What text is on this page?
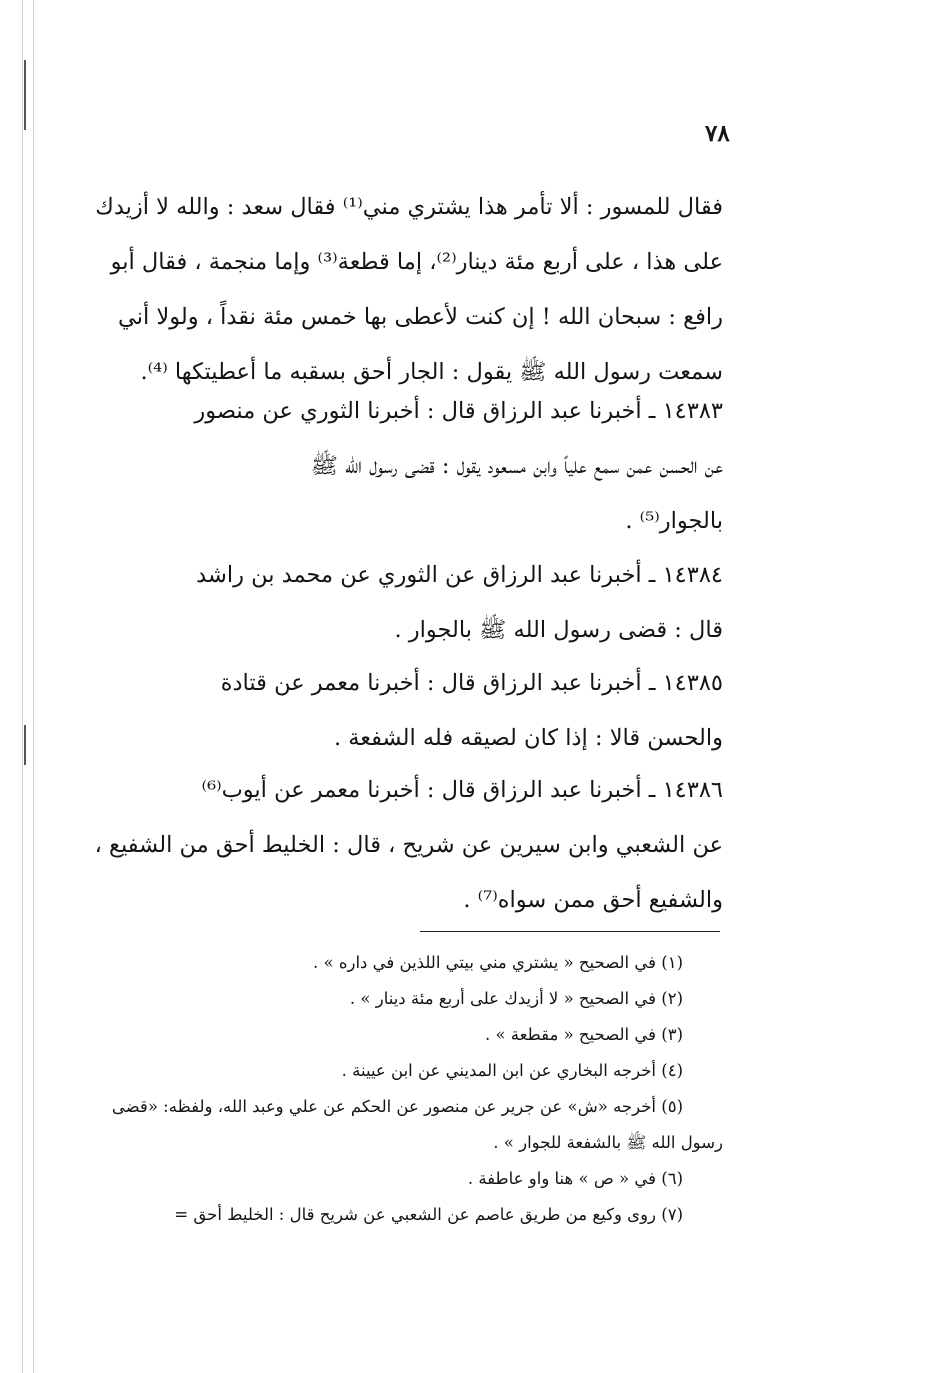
٧٨

فقال للمسور : ألا تأمر هذا يشتري مني⁽¹⁾ فقال سعد : والله لا أزيدك

على هذا ، على أربع مئة دينار⁽²⁾، إما قطعة⁽³⁾ وإما منجمة ، فقال أبو

رافع : سبحان الله ! إن كنت لأعطى بها خمس مئة نقداً ، ولولا أني

سمعت رسول الله ﷺ يقول : الجار أحق بسقبه ما أعطيتكها ⁽⁴⁾.

١٤٣٨٣ ـ أخبرنا عبد الرزاق قال : أخبرنا الثوري عن منصور

عن الحسن عمن سمع علياً وابن مسعود يقول : قضى رسول الله ﷺ

بالجوار⁽⁵⁾ .

١٤٣٨٤ ـ أخبرنا عبد الرزاق عن الثوري عن محمد بن راشد

قال : قضى رسول الله ﷺ بالجوار .

١٤٣٨٥ ـ أخبرنا عبد الرزاق قال : أخبرنا معمر عن قتادة

والحسن قالا : إذا كان لصيقه فله الشفعة .

١٤٣٨٦ ـ أخبرنا عبد الرزاق قال : أخبرنا معمر عن أيوب⁽⁶⁾

عن الشعبي وابن سيرين عن شريح ، قال : الخليط أحق من الشفيع ،

والشفيع أحق ممن سواه⁽⁷⁾ .

(١) في الصحيح « يشتري مني بيتي اللذين في داره » .

(٢) في الصحيح « لا أزيدك على أربع مئة دينار » .

(٣) في الصحيح « مقطعة » .

(٤) أخرجه البخاري عن ابن المديني عن ابن عيينة .

(٥) أخرجه «ش» عن جرير عن منصور عن الحكم عن علي وعبد الله، ولفظه: «قضى

رسول الله ﷺ بالشفعة للجوار » .

(٦) في « ص » هنا واو عاطفة .

(٧) روى وكيع من طريق عاصم عن الشعبي عن شريح قال : الخليط أحق =
